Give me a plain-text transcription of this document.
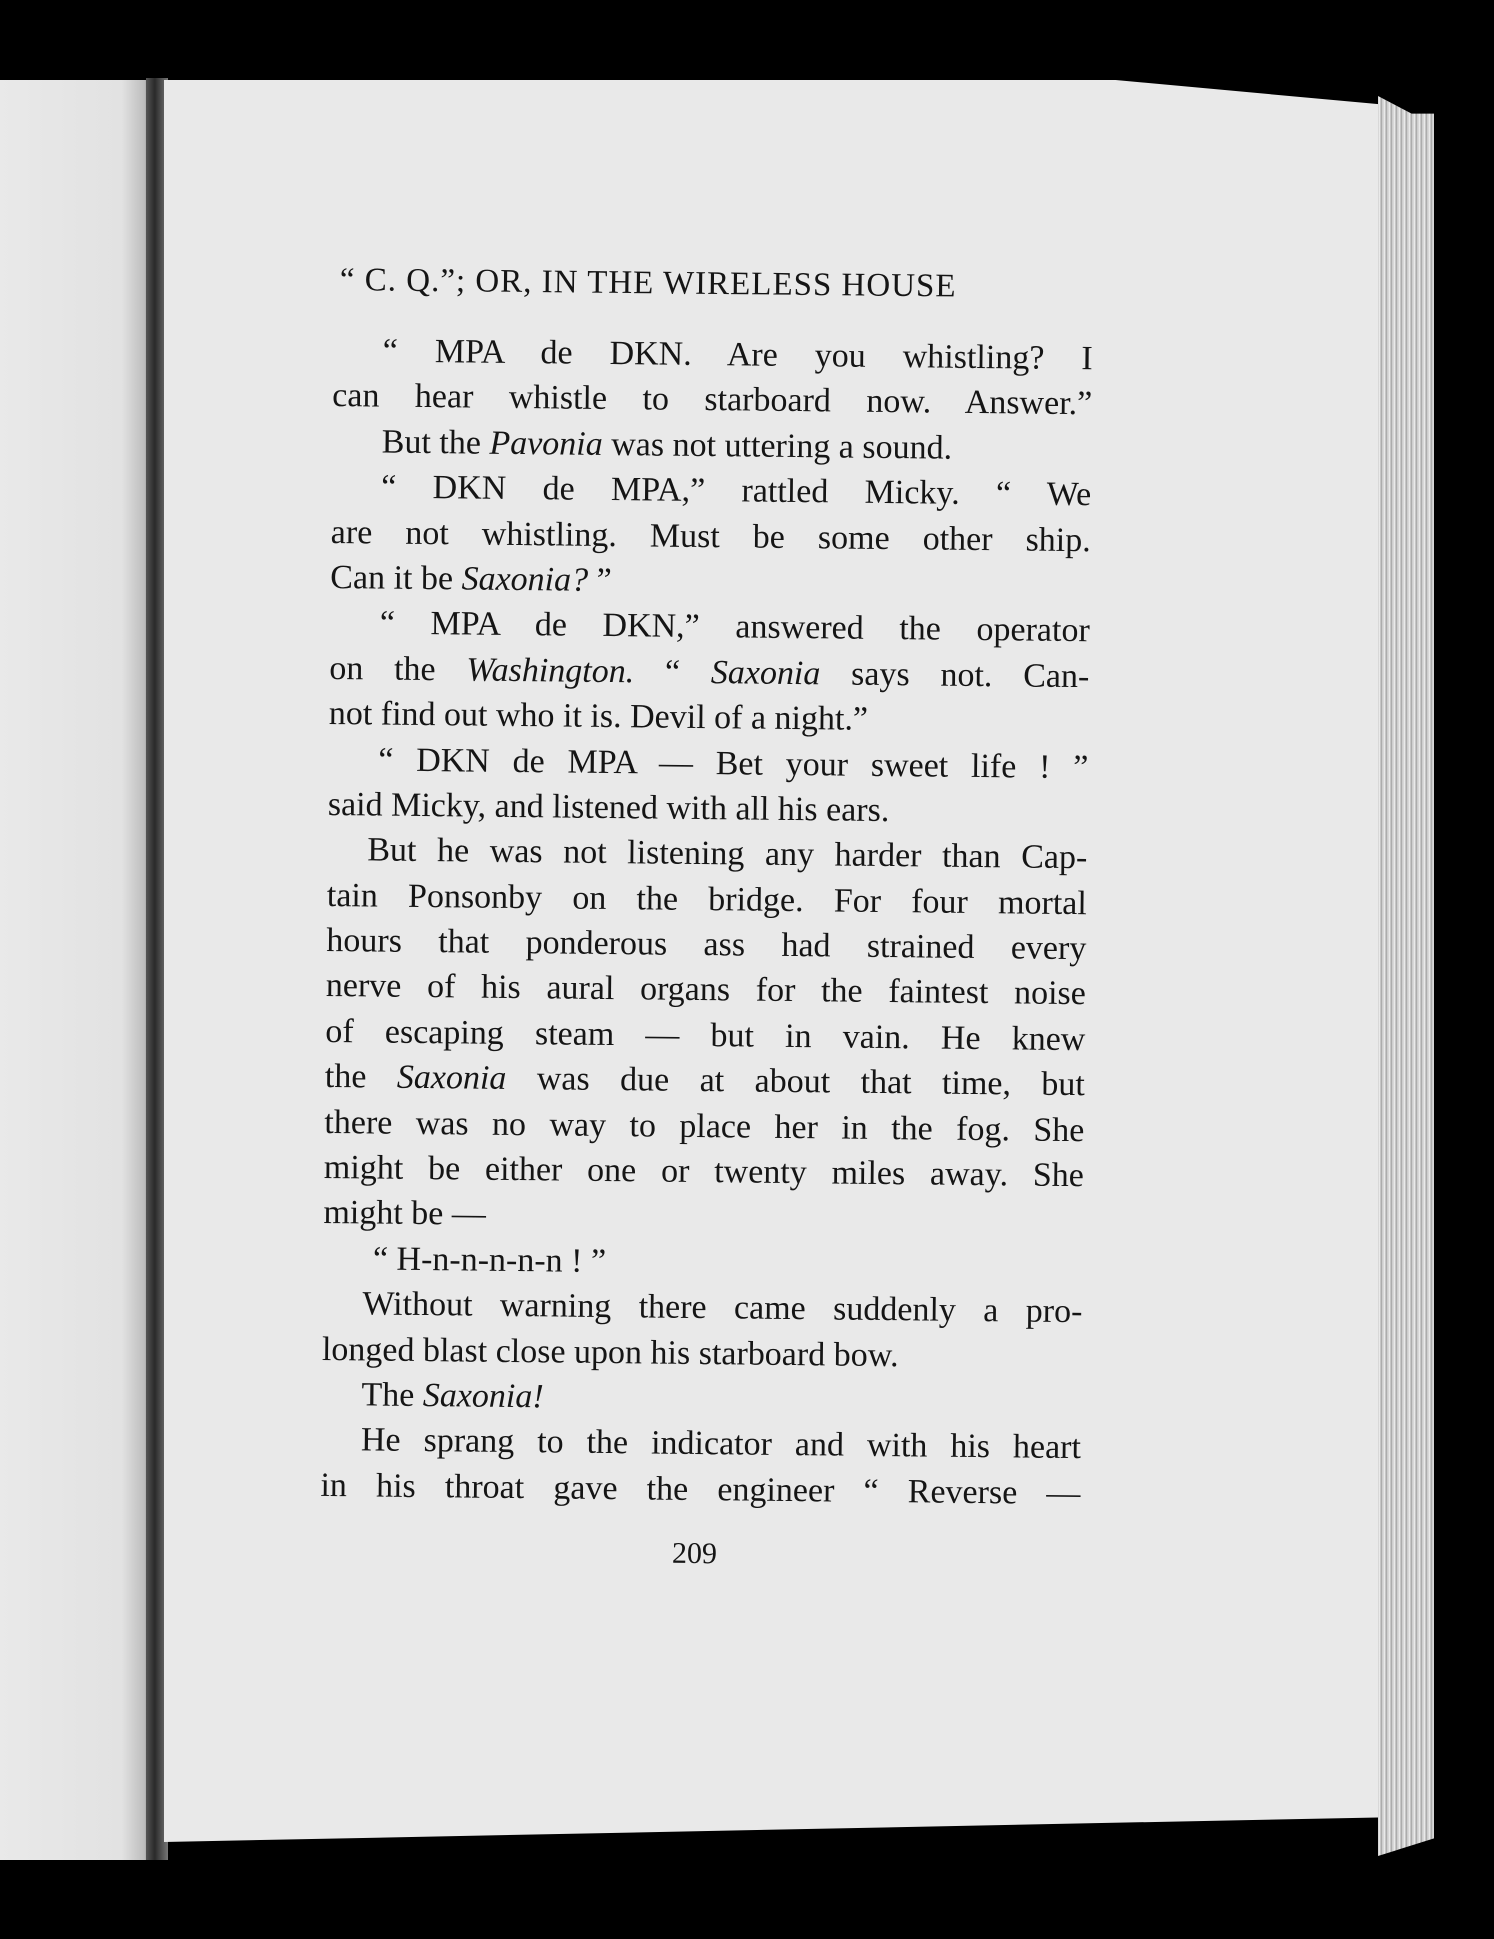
“ C. Q.”; OR, IN THE WIRELESS HOUSE
“ MPA de DKN. Are you whistling? I
can hear whistle to starboard now. Answer.”
But the Pavonia was not uttering a sound.
“ DKN de MPA,” rattled Micky. “ We
are not whistling. Must be some other ship.
Can it be Saxonia? ”
“ MPA de DKN,” answered the operator
on the Washington. “ Saxonia says not. Can-
not find out who it is. Devil of a night.”
“ DKN de MPA — Bet your sweet life ! ”
said Micky, and listened with all his ears.
But he was not listening any harder than Cap-
tain Ponsonby on the bridge. For four mortal
hours that ponderous ass had strained every
nerve of his aural organs for the faintest noise
of escaping steam — but in vain. He knew
the Saxonia was due at about that time, but
there was no way to place her in the fog. She
might be either one or twenty miles away. She
might be —
“ H-n-n-n-n-n ! ”
Without warning there came suddenly a pro-
longed blast close upon his starboard bow.
The Saxonia!
He sprang to the indicator and with his heart
in his throat gave the engineer “ Reverse —
209
